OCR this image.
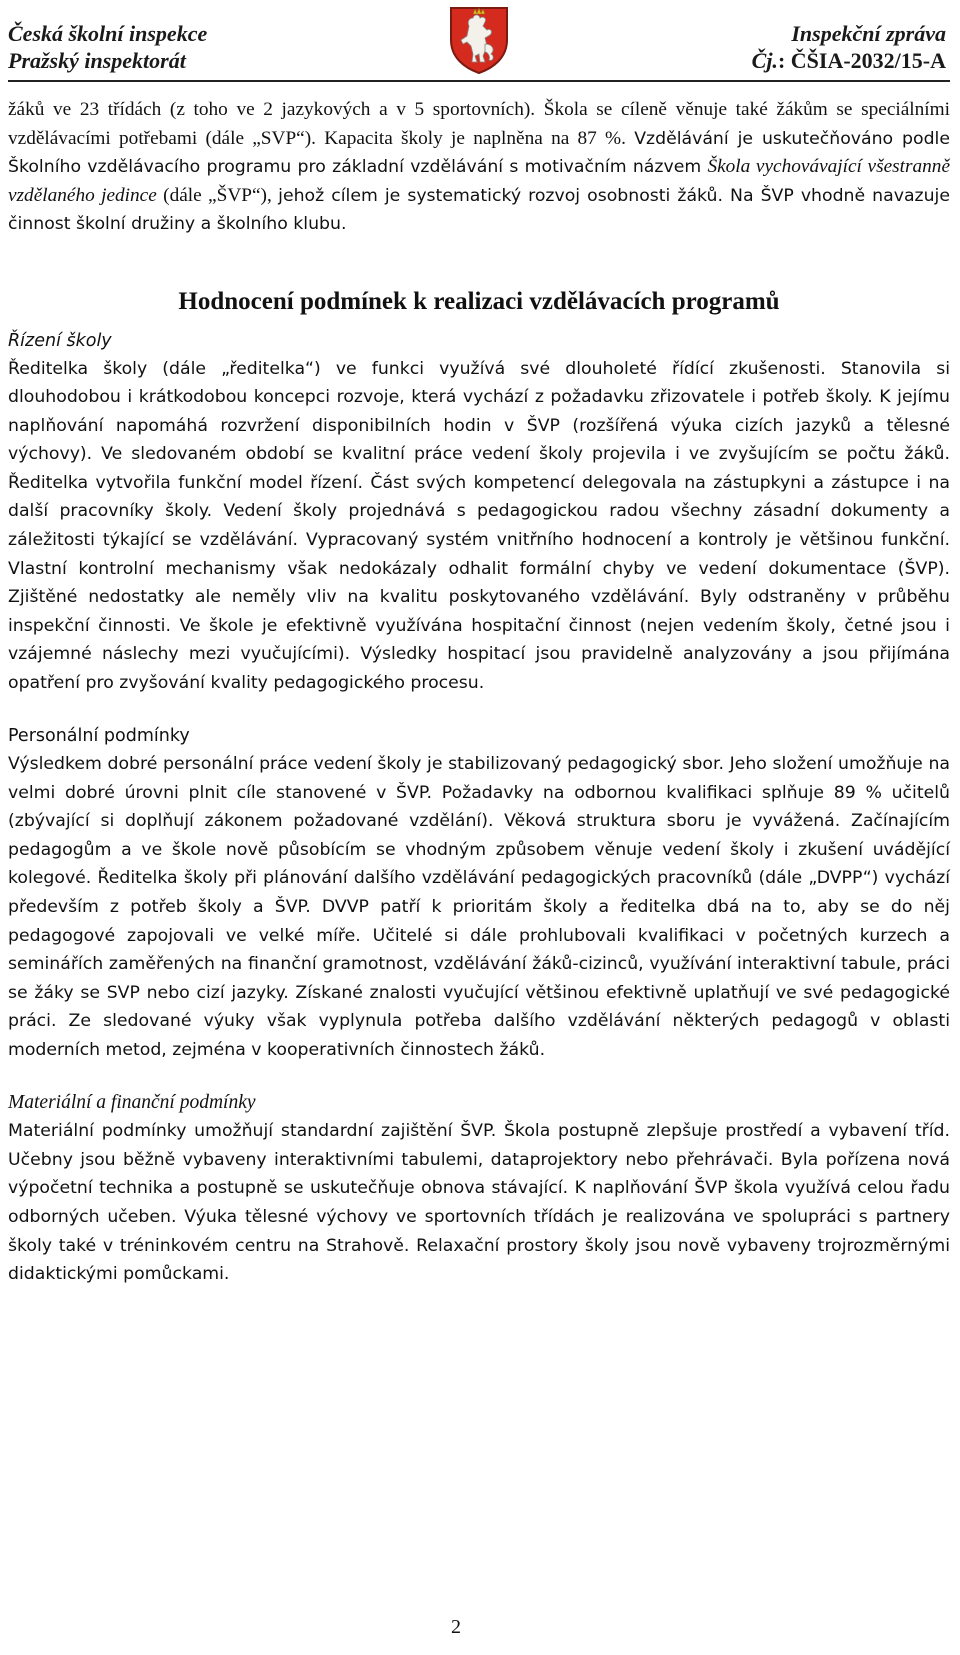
Česká školní inspekce
Pražský inspektorát
Inspekční zpráva
Čj.: ČŠIA-2032/15-A

žáků ve 23 třídách (z toho ve 2 jazykových a v 5 sportovních). Škola se cíleně věnuje také žákům se speciálními vzdělávacími potřebami (dále „SVP“). Kapacita školy je naplněna na 87 %. Vzdělávání je uskutečňováno podle Školního vzdělávacího programu pro základní vzdělávání s motivačním názvem Škola vychovávající všestranně vzdělaného jedince (dále „ŠVP“), jehož cílem je systematický rozvoj osobnosti žáků. Na ŠVP vhodně navazuje činnost školní družiny a školního klubu.

Hodnocení podmínek k realizaci vzdělávacích programů
Řízení školy

Ředitelka školy (dále „ředitelka“) ve funkci využívá své dlouholeté řídící zkušenosti. Stanovila si dlouhodobou i krátkodobou koncepci rozvoje, která vychází z požadavku zřizovatele i potřeb školy. K jejímu naplňování napomáhá rozvržení disponibilních hodin v ŠVP (rozšířená výuka cizích jazyků a tělesné výchovy). Ve sledovaném období se kvalitní práce vedení školy projevila i ve zvyšujícím se počtu žáků. Ředitelka vytvořila funkční model řízení. Část svých kompetencí delegovala na zástupkyni a zástupce i na další pracovníky školy. Vedení školy projednává s pedagogickou radou všechny zásadní dokumenty a záležitosti týkající se vzdělávání. Vypracovaný systém vnitřního hodnocení a kontroly je většinou funkční. Vlastní kontrolní mechanismy však nedokázaly odhalit formální chyby ve vedení dokumentace (ŠVP). Zjištěné nedostatky ale neměly vliv na kvalitu poskytovaného vzdělávání. Byly odstraněny v průběhu inspekční činnosti. Ve škole je efektivně využívána hospitační činnost (nejen vedením školy, četné jsou i vzájemné náslechy mezi vyučujícími). Výsledky hospitací jsou pravidelně analyzovány a jsou přijímána opatření pro zvyšování kvality pedagogického procesu.

Personální podmínky

Výsledkem dobré personální práce vedení školy je stabilizovaný pedagogický sbor. Jeho složení umožňuje na velmi dobré úrovni plnit cíle stanovené v ŠVP. Požadavky na odbornou kvalifikaci splňuje 89 % učitelů (zbývající si doplňují zákonem požadované vzdělání). Věková struktura sboru je vyvážená. Začínajícím pedagogům a ve škole nově působícím se vhodným způsobem věnuje vedení školy i zkušení uvádějící kolegové. Ředitelka školy při plánování dalšího vzdělávání pedagogických pracovníků (dále „DVPP“) vychází především z potřeb školy a ŠVP. DVVP patří k prioritám školy a ředitelka dbá na to, aby se do něj pedagogové zapojovali ve velké míře. Učitelé si dále prohlubovali kvalifikaci v početných kurzech a seminářích zaměřených na finanční gramotnost, vzdělávání žáků-cizinců, využívání interaktivní tabule, práci se žáky se SVP nebo cizí jazyky. Získané znalosti vyučující většinou efektivně uplatňují ve své pedagogické práci. Ze sledované výuky však vyplynula potřeba dalšího vzdělávání některých pedagogů v oblasti moderních metod, zejména v kooperativních činnostech žáků.

Materiální a finanční podmínky

Materiální podmínky umožňují standardní zajištění ŠVP. Škola postupně zlepšuje prostředí a vybavení tříd. Učebny jsou běžně vybaveny interaktivními tabulemi, dataprojektory nebo přehrávači. Byla pořízena nová výpočetní technika a postupně se uskutečňuje obnova stávající. K naplňování ŠVP škola využívá celou řadu odborných učeben. Výuka tělesné výchovy ve sportovních třídách je realizována ve spolupráci s partnery školy také v tréninkovém centru na Strahově. Relaxační prostory školy jsou nově vybaveny trojrozměrnými didaktickými pomůckami.

2
